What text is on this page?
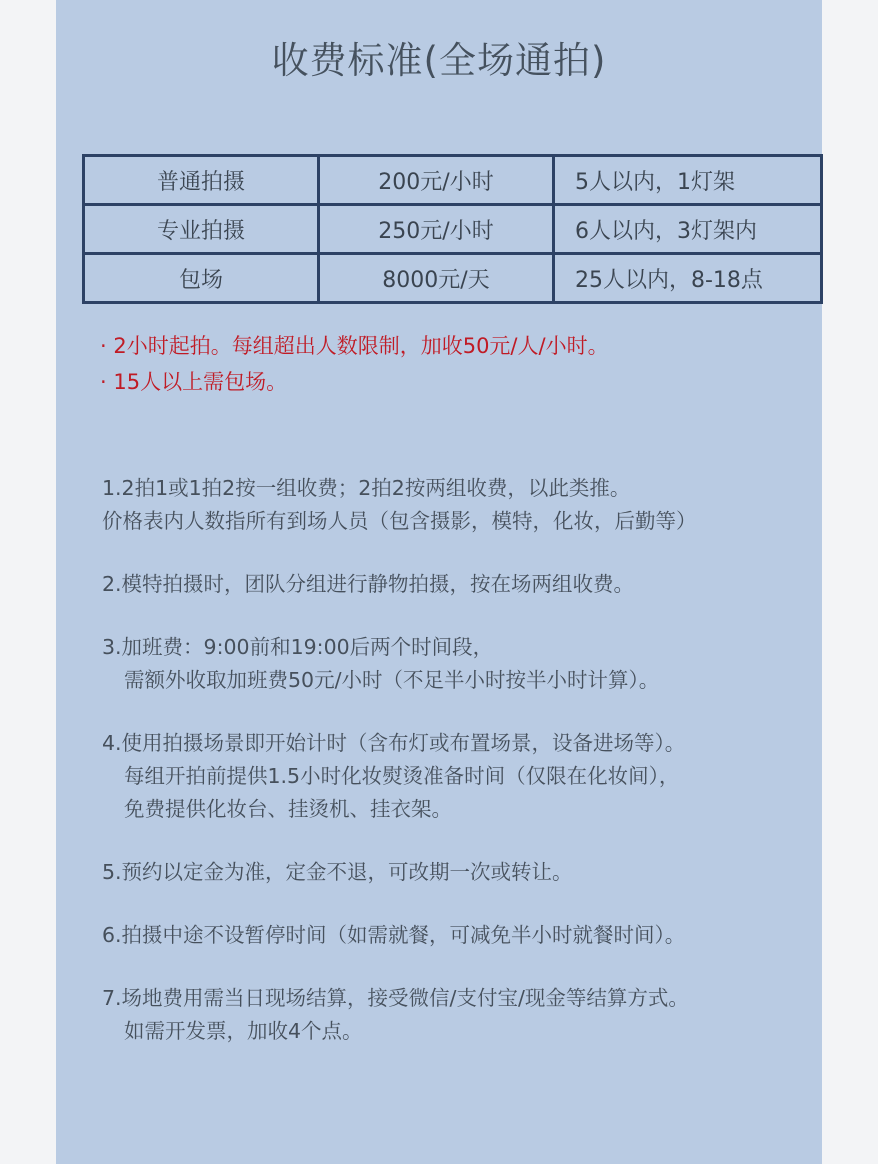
收费标准(全场通拍)
普通拍摄	200元/小时	5人以内，1灯架
专业拍摄	250元/小时	6人以内，3灯架内
包场	8000元/天	25人以内，8-18点
· 2小时起拍。每组超出人数限制，加收50元/人/小时。
· 15人以上需包场。
1.2拍1或1拍2按一组收费；2拍2按两组收费，以此类推。
价格表内人数指所有到场人员（包含摄影，模特，化妆，后勤等）
2.模特拍摄时，团队分组进行静物拍摄，按在场两组收费。
3.加班费：9:00前和19:00后两个时间段，
需额外收取加班费50元/小时（不足半小时按半小时计算）。
4.使用拍摄场景即开始计时（含布灯或布置场景，设备进场等）。
每组开拍前提供1.5小时化妆熨烫准备时间（仅限在化妆间），
免费提供化妆台、挂烫机、挂衣架。
5.预约以定金为准，定金不退，可改期一次或转让。
6.拍摄中途不设暂停时间（如需就餐，可减免半小时就餐时间）。
7.场地费用需当日现场结算，接受微信/支付宝/现金等结算方式。
如需开发票，加收4个点。
